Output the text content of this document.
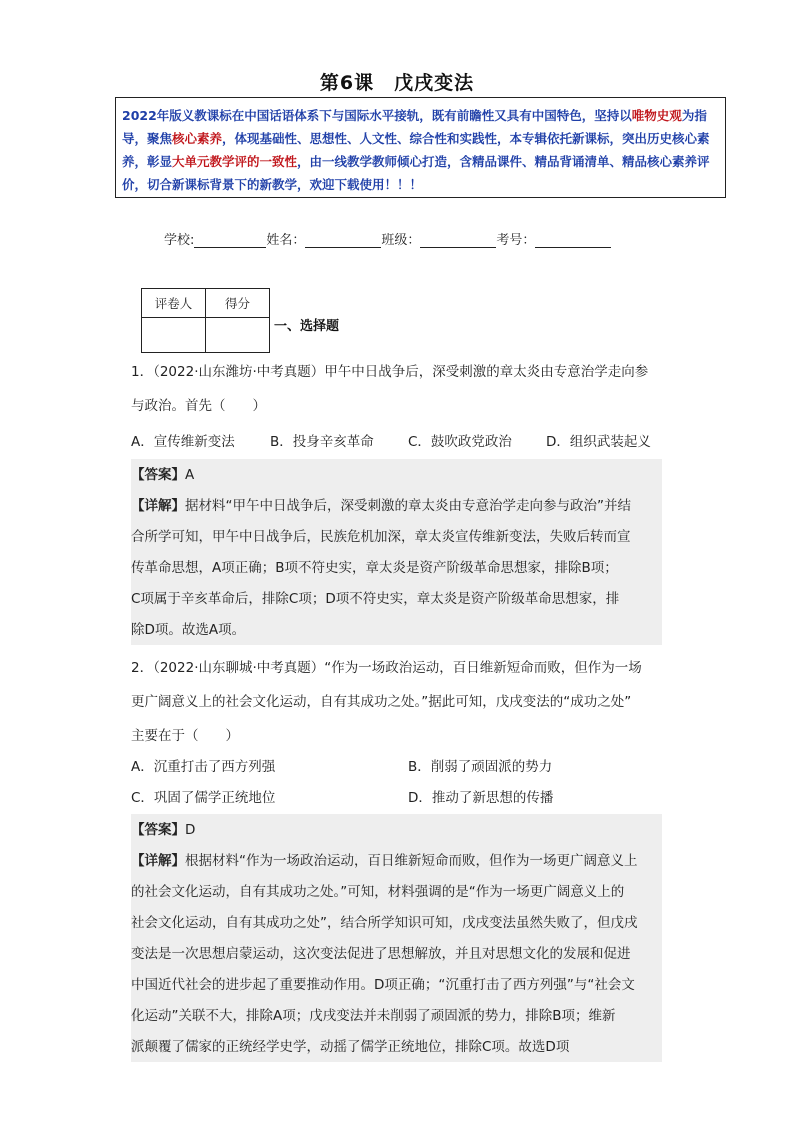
第6课　戊戌变法
2022年版义教课标在中国话语体系下与国际水平接轨，既有前瞻性又具有中国特色，坚持以唯物史观为指导，聚焦核心素养，体现基础性、思想性、人文性、综合性和实践性，本专辑依托新课标，突出历史核心素养，彰显大单元教学评的一致性，由一线教学教师倾心打造，含精品课件、精品背诵清单、精品核心素养评价，切合新课标背景下的新教学，欢迎下载使用！！！
学校:	姓名：	班级：	考号：
评卷人	得分

一、选择题
1．（2022·山东潍坊·中考真题）甲午中日战争后，深受刺激的章太炎由专意治学走向参
与政治。首先（　　）
A．宣传维新变法	B．投身辛亥革命	C．鼓吹政党政治	D．组织武装起义
【答案】A
【详解】据材料“甲午中日战争后，深受刺激的章太炎由专意治学走向参与政治”并结
合所学可知，甲午中日战争后，民族危机加深，章太炎宣传维新变法，失败后转而宣
传革命思想，A项正确；B项不符史实，章太炎是资产阶级革命思想家，排除B项；
C项属于辛亥革命后，排除C项；D项不符史实，章太炎是资产阶级革命思想家，排
除D项。故选A项。
2．（2022·山东聊城·中考真题）“作为一场政治运动，百日维新短命而败，但作为一场
更广阔意义上的社会文化运动，自有其成功之处。”据此可知，戊戌变法的“成功之处”
主要在于（　　）
A．沉重打击了西方列强	B．削弱了顽固派的势力
C．巩固了儒学正统地位	D．推动了新思想的传播
【答案】D
【详解】根据材料“作为一场政治运动，百日维新短命而败，但作为一场更广阔意义上
的社会文化运动，自有其成功之处。”可知，材料强调的是“作为一场更广阔意义上的
社会文化运动，自有其成功之处”，结合所学知识可知，戊戌变法虽然失败了，但戊戌
变法是一次思想启蒙运动，这次变法促进了思想解放，并且对思想文化的发展和促进
中国近代社会的进步起了重要推动作用。D项正确；“沉重打击了西方列强”与“社会文
化运动”关联不大，排除A项；戊戌变法并未削弱了顽固派的势力，排除B项；维新
派颠覆了儒家的正统经学史学，动摇了儒学正统地位，排除C项。故选D项
